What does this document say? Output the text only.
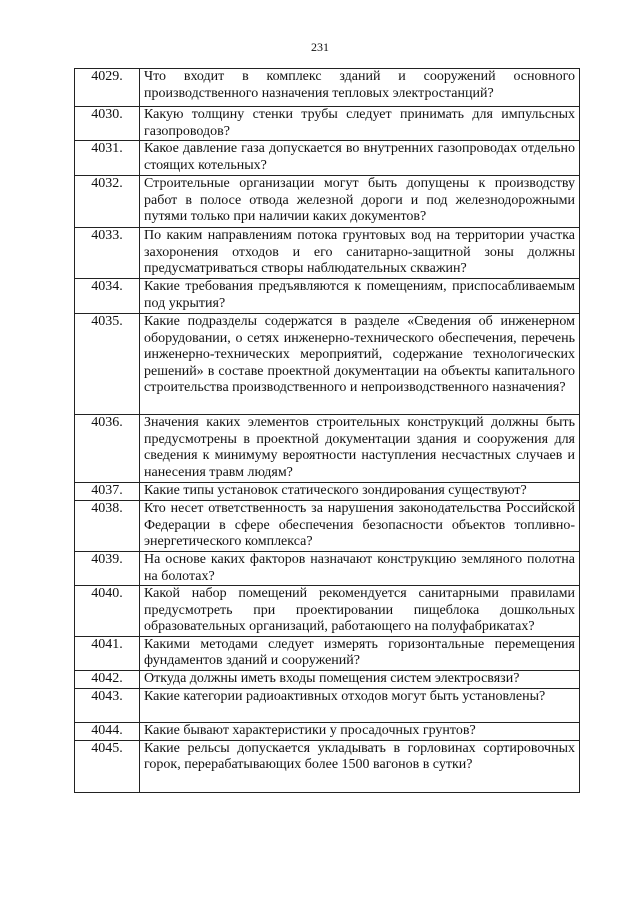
231
4029.	Что входит в комплекс зданий и сооружений основного производственного назначения тепловых электростанций?
4030.	Какую толщину стенки трубы следует принимать для импульсных газопроводов?
4031.	Какое давление газа допускается во внутренних газопроводах отдельно стоящих котельных?
4032.	Строительные организации могут быть допущены к производству работ в полосе отвода железной дороги и под железнодорожными путями только при наличии каких документов?
4033.	По каким направлениям потока грунтовых вод на территории участка захоронения отходов и его санитарно-защитной зоны должны предусматриваться створы наблюдательных скважин?
4034.	Какие требования предъявляются к помещениям, приспосабливаемым под укрытия?
4035.	Какие подразделы содержатся в разделе «Сведения об инженерном оборудовании, о сетях инженерно-технического обеспечения, перечень инженерно-технических мероприятий, содержание технологических решений» в составе проектной документации на объекты капитального строительства производственного и непроизводственного назначения?
4036.	Значения каких элементов строительных конструкций должны быть предусмотрены в проектной документации здания и сооружения для сведения к минимуму вероятности наступления несчастных случаев и нанесения травм людям?
4037.	Какие типы установок статического зондирования существуют?
4038.	Кто несет ответственность за нарушения законодательства Российской Федерации в сфере обеспечения безопасности объектов топливно-энергетического комплекса?
4039.	На основе каких факторов назначают конструкцию земляного полотна на болотах?
4040.	Какой набор помещений рекомендуется санитарными правилами предусмотреть при проектировании пищеблока дошкольных образовательных организаций, работающего на полуфабрикатах?
4041.	Какими методами следует измерять горизонтальные перемещения фундаментов зданий и сооружений?
4042.	Откуда должны иметь входы помещения систем электросвязи?
4043.	Какие категории радиоактивных отходов могут быть установлены?
4044.	Какие бывают характеристики у просадочных грунтов?
4045.	Какие рельсы допускается укладывать в горловинах сортировочных горок, перерабатывающих более 1500 вагонов в сутки?
